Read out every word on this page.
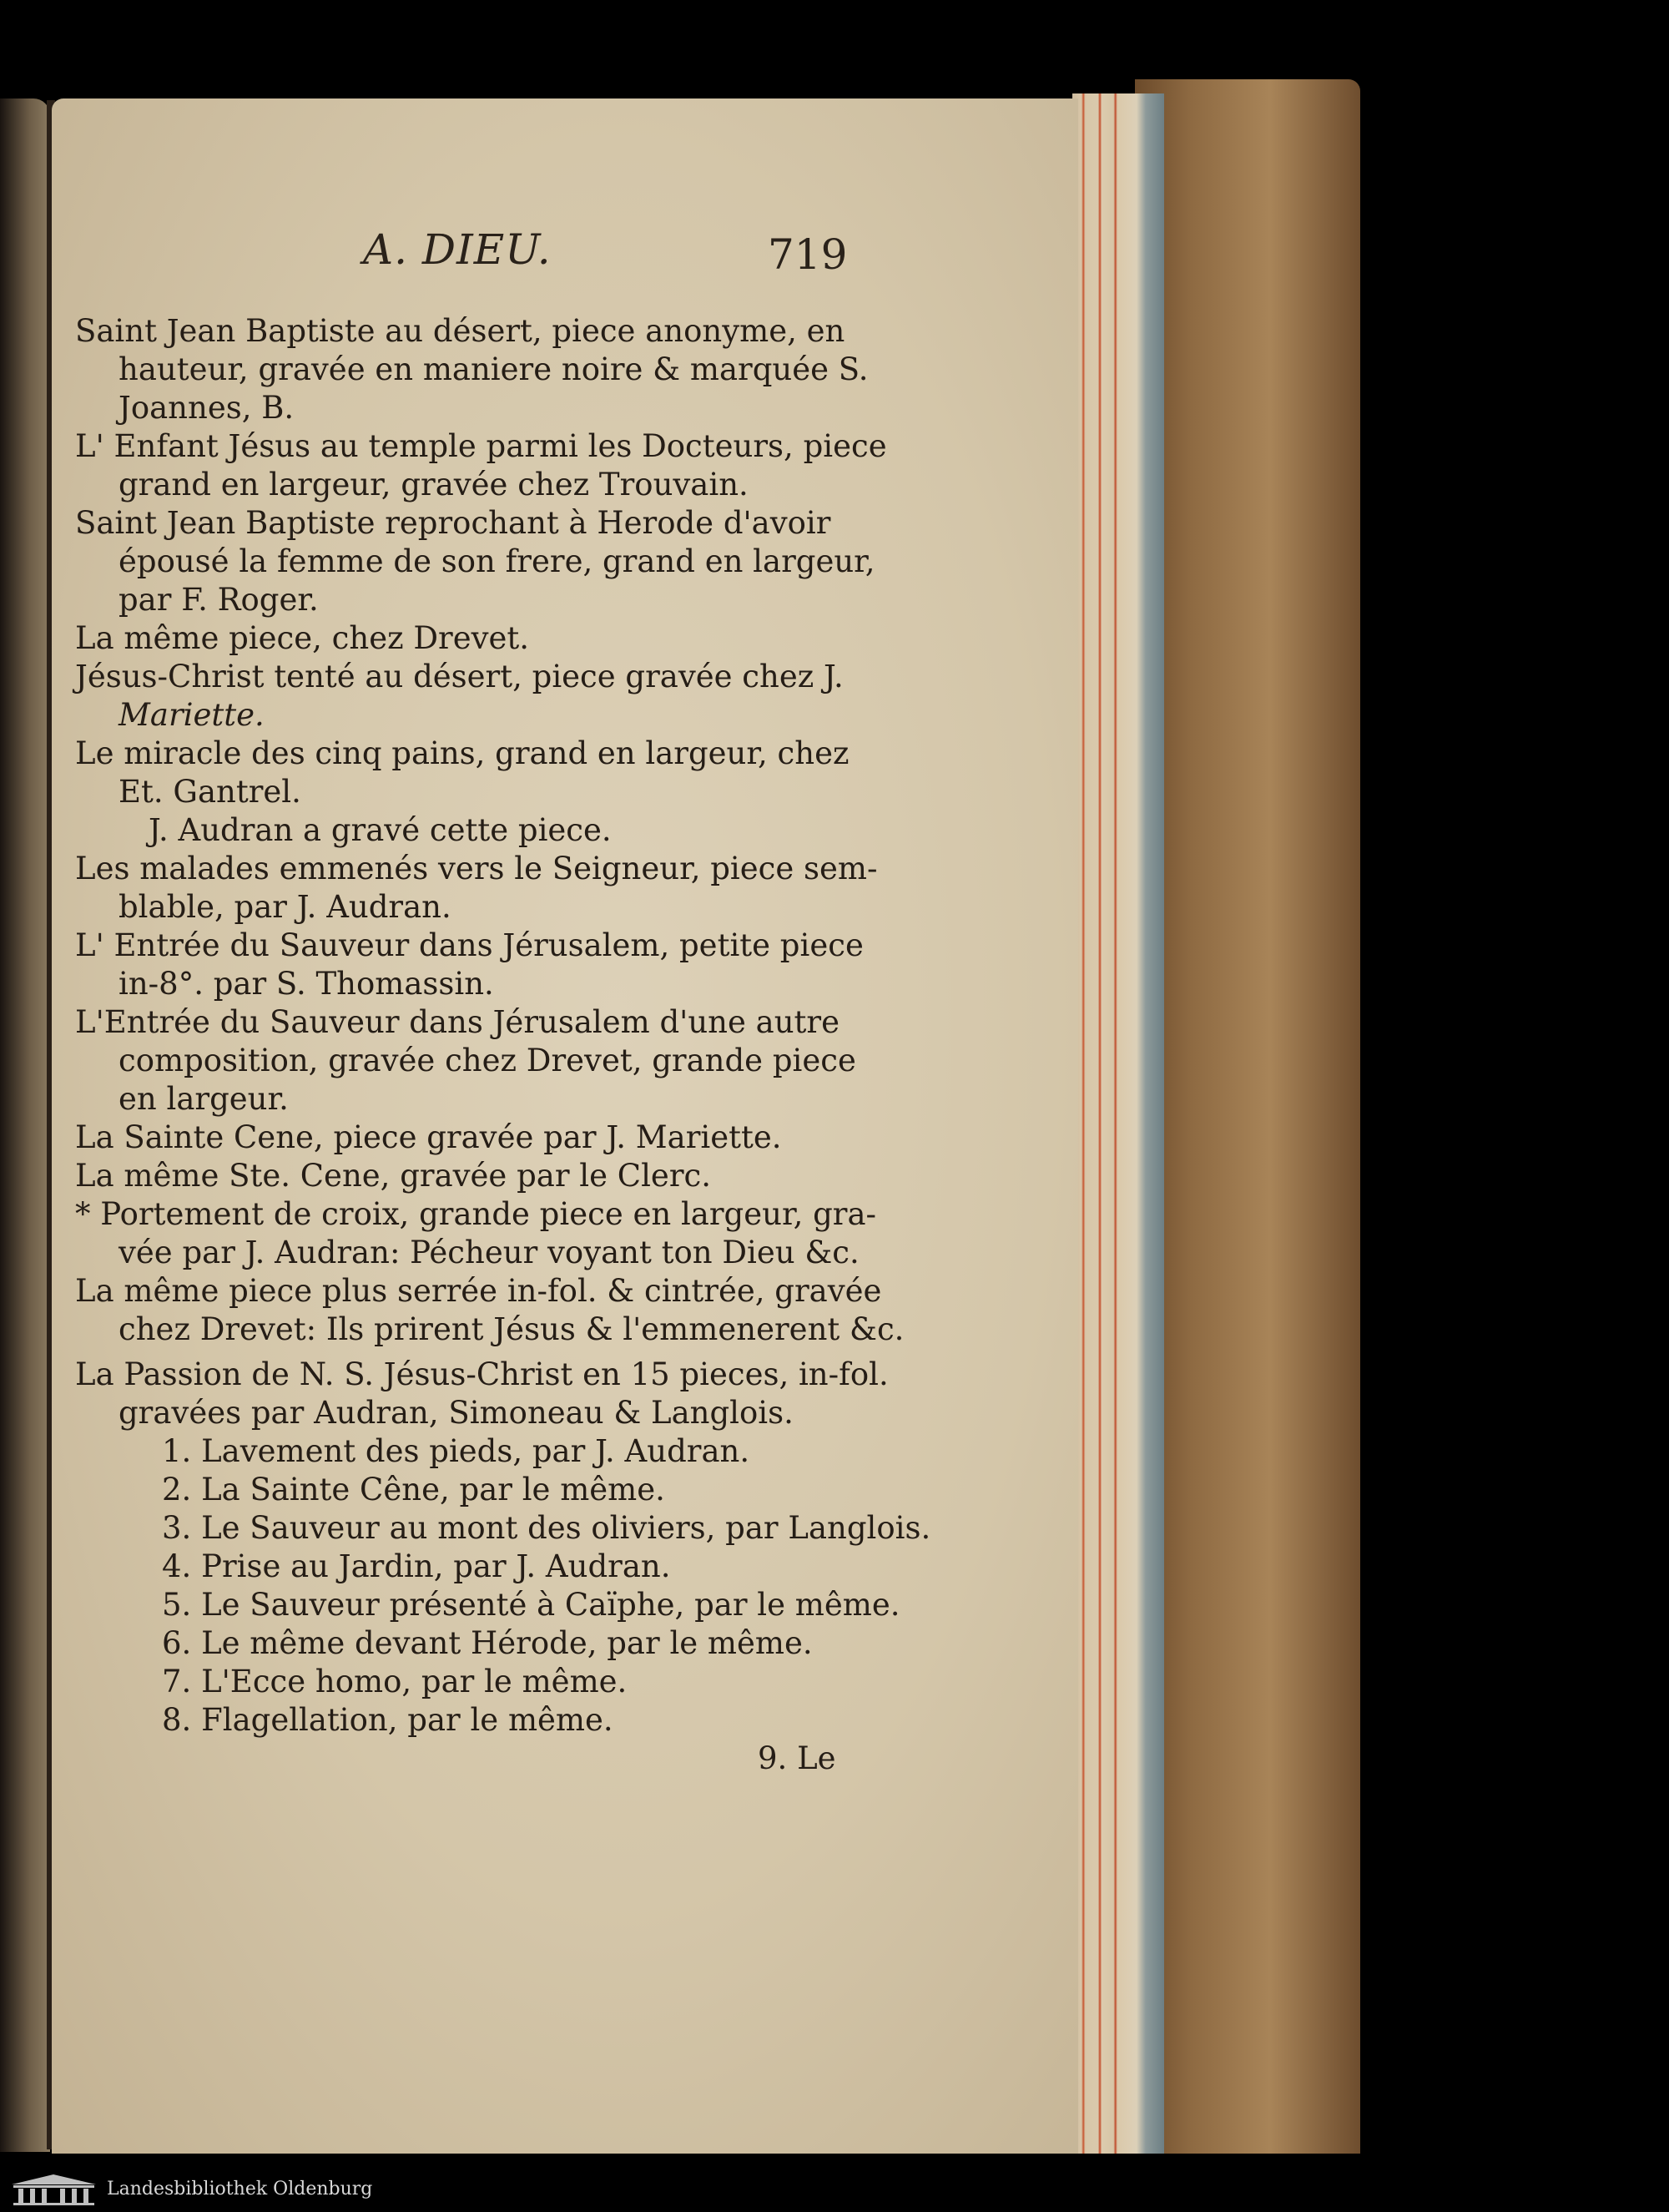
A. DIEU.	719
Saint Jean Baptiste au désert, piece anonyme, en
hauteur, gravée en maniere noire & marquée S.
Joannes, B.
L' Enfant Jésus au temple parmi les Docteurs, piece
grand en largeur, gravée chez Trouvain.
Saint Jean Baptiste reprochant à Herode d'avoir
épousé la femme de son frere, grand en largeur,
par F. Roger.
La même piece, chez Drevet.
Jésus-Christ tenté au désert, piece gravée chez J.
Mariette.
Le miracle des cinq pains, grand en largeur, chez
Et. Gantrel.
J. Audran a gravé cette piece.
Les malades emmenés vers le Seigneur, piece sem-
blable, par J. Audran.
L' Entrée du Sauveur dans Jérusalem, petite piece
in-8°. par S. Thomassin.
L'Entrée du Sauveur dans Jérusalem d'une autre
composition, gravée chez Drevet, grande piece
en largeur.
La Sainte Cene, piece gravée par J. Mariette.
La même Ste. Cene, gravée par le Clerc.
* Portement de croix, grande piece en largeur, gra-
vée par J. Audran: Pécheur voyant ton Dieu &c.
La même piece plus serrée in-fol. & cintrée, gravée
chez Drevet: Ils prirent Jésus & l'emmenerent &c.
La Passion de N. S. Jésus-Christ en 15 pieces, in-fol.
gravées par Audran, Simoneau & Langlois.
1. Lavement des pieds, par J. Audran.
2. La Sainte Cêne, par le même.
3. Le Sauveur au mont des oliviers, par Langlois.
4. Prise au Jardin, par J. Audran.
5. Le Sauveur présenté à Caïphe, par le même.
6. Le même devant Hérode, par le même.
7. L'Ecce homo, par le même.
8. Flagellation, par le même.
9. Le
Landesbibliothek Oldenburg
